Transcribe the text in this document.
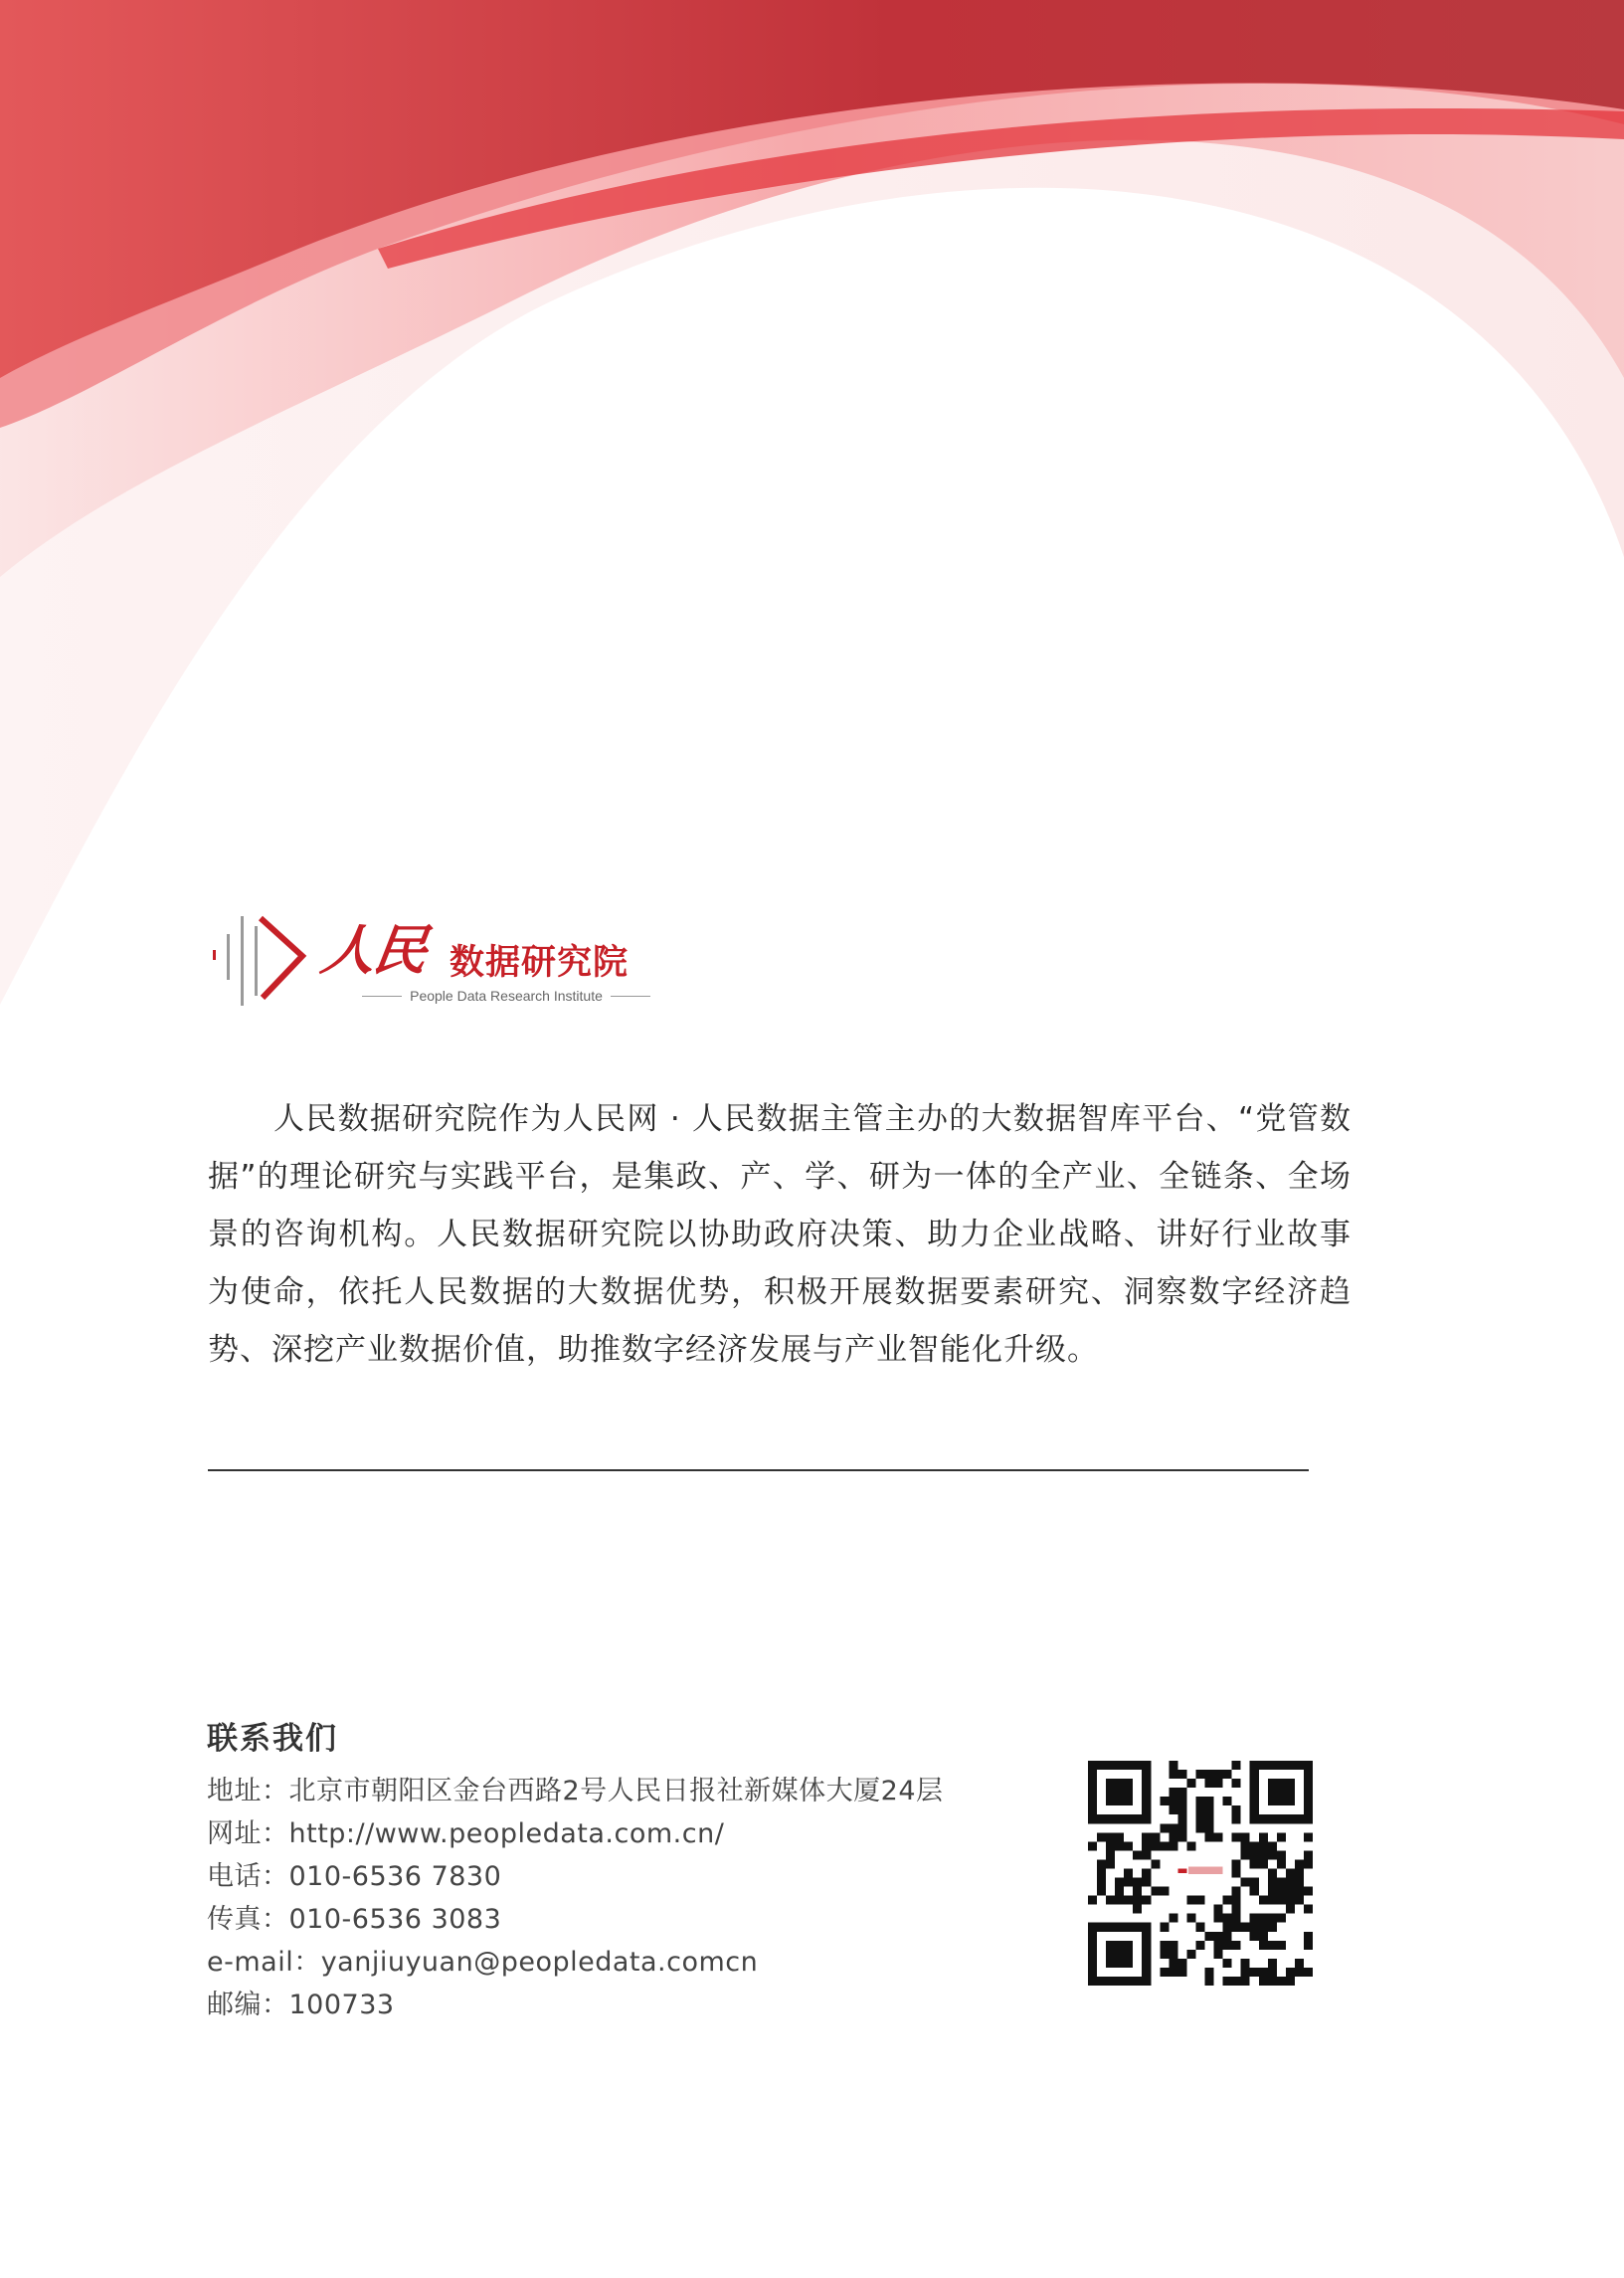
人民 数据研究院
People Data Research Institute

人民数据研究院作为人民网 · 人民数据主管主办的大数据智库平台、“党管数据”的理论研究与实践平台，是集政、产、学、研为一体的全产业、全链条、全场景的咨询机构。人民数据研究院以协助政府决策、助力企业战略、讲好行业故事为使命，依托人民数据的大数据优势，积极开展数据要素研究、洞察数字经济趋势、深挖产业数据价值，助推数字经济发展与产业智能化升级。

联系我们
地址：北京市朝阳区金台西路2号人民日报社新媒体大厦24层
网址：http://www.peopledata.com.cn/
电话：010-6536 7830
传真：010-6536 3083
e-mail：yanjiuyuan@peopledata.comcn
邮编：100733
